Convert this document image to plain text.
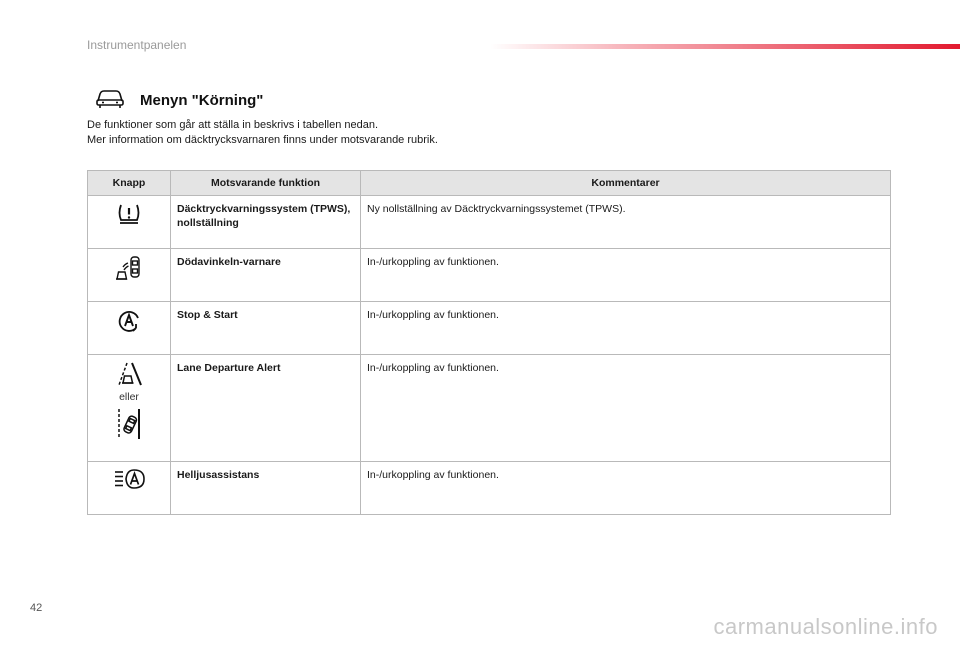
Instrumentpanelen
Menyn "Körning"
De funktioner som går att ställa in beskrivs i tabellen nedan.
Mer information om däcktrycksvarnaren finns under motsvarande rubrik.
Knapp	Motsvarande funktion	Kommentarer

	Däcktryckvarningssystem (TPWS), nollställning	Ny nollställning av Däcktryckvarningssystemet (TPWS).

	Dödavinkeln-varnare	In-/urkoppling av funktionen.

	Stop & Start	In-/urkoppling av funktionen.

eller	Lane Departure Alert	In-/urkoppling av funktionen.

	Helljusassistans	In-/urkoppling av funktionen.
42
carmanualsonline.info
